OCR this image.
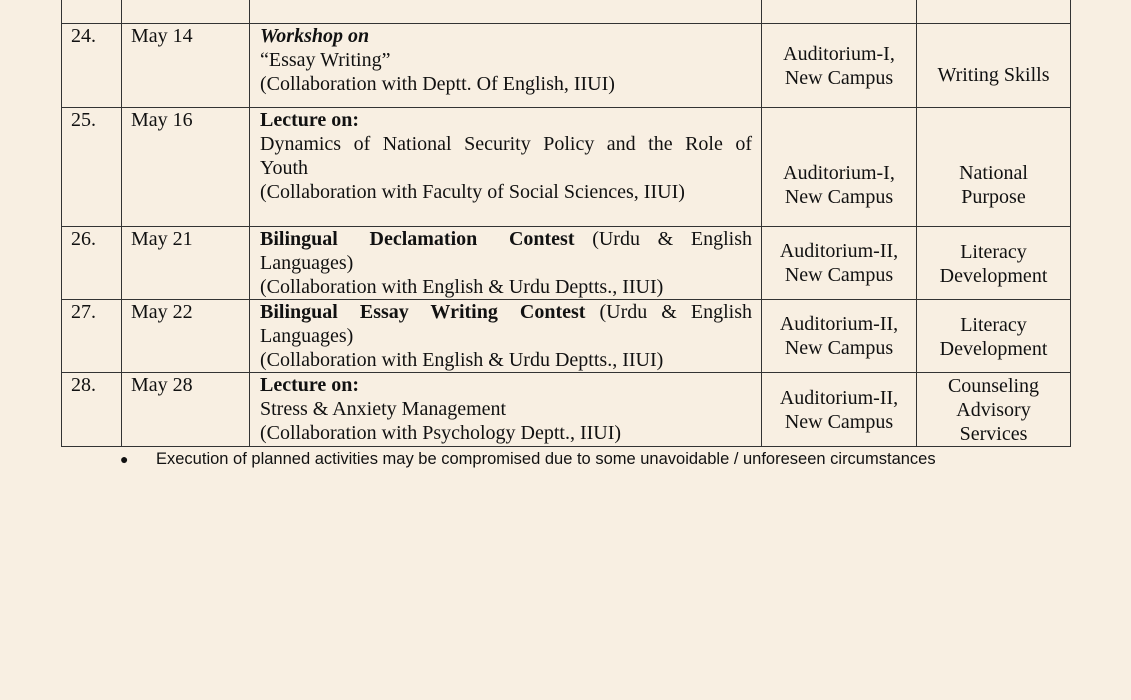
24.	May 14	Workshop on
“Essay Writing”
(Collaboration with Deptt. Of English, IIUI)	Auditorium-I,
New Campus	Writing Skills

25.	May 16	Lecture on:
Dynamics of National Security Policy and the Role of
Youth
(Collaboration with Faculty of Social Sciences, IIUI)	Auditorium-I,
New Campus	National
Purpose

26.	May 21	Bilingual Declamation Contest (Urdu & English
Languages)
(Collaboration with English & Urdu Deptts., IIUI)	Auditorium-II,
New Campus	Literacy
Development

27.	May 22	Bilingual Essay Writing Contest (Urdu & English
Languages)
(Collaboration with English & Urdu Deptts., IIUI)	Auditorium-II,
New Campus	Literacy
Development

28.	May 28	Lecture on:
Stress & Anxiety Management
(Collaboration with Psychology Deptt., IIUI)	Auditorium-II,
New Campus	Counseling
Advisory
Services
● Execution of planned activities may be compromised due to some unavoidable / unforeseen circumstances
